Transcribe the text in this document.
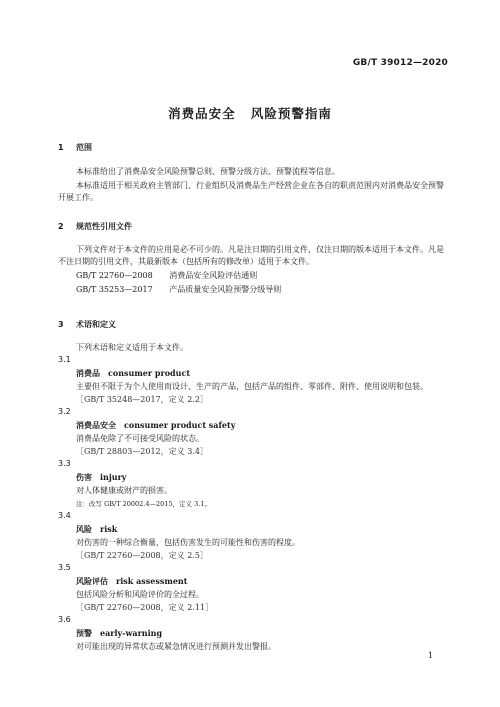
GB/T 39012—2020
消费品安全 风险预警指南
1 范围
本标准给出了消费品安全风险预警总则、预警分级方法、预警流程等信息。
本标准适用于相关政府主管部门、行业组织及消费品生产经营企业在各自的职责范围内对消费品安全预警开展工作。
2 规范性引用文件
下列文件对于本文件的应用是必不可少的。凡是注日期的引用文件，仅注日期的版本适用于本文件。凡是不注日期的引用文件，其最新版本（包括所有的修改单）适用于本文件。
GB/T 22760—2008 消费品安全风险评估通则
GB/T 35253—2017 产品质量安全风险预警分级导则
3 术语和定义
下列术语和定义适用于本文件。
3.1
消费品 consumer product
主要但不限于为个人使用而设计、生产的产品，包括产品的组件、零部件、附件、使用说明和包装。
［GB/T 35248—2017，定义 2.2］
3.2
消费品安全 consumer product safety
消费品免除了不可接受风险的状态。
［GB/T 28803—2012，定义 3.4］
3.3
伤害 injury
对人体健康或财产的损害。
注：改写 GB/T 20002.4—2015，定义 3.1。
3.4
风险 risk
对伤害的一种综合衡量，包括伤害发生的可能性和伤害的程度。
［GB/T 22760—2008，定义 2.5］
3.5
风险评估 risk assessment
包括风险分析和风险评价的全过程。
［GB/T 22760—2008，定义 2.11］
3.6
预警 early-warning
对可能出现的异常状态或紧急情况进行预测并发出警报。
1
